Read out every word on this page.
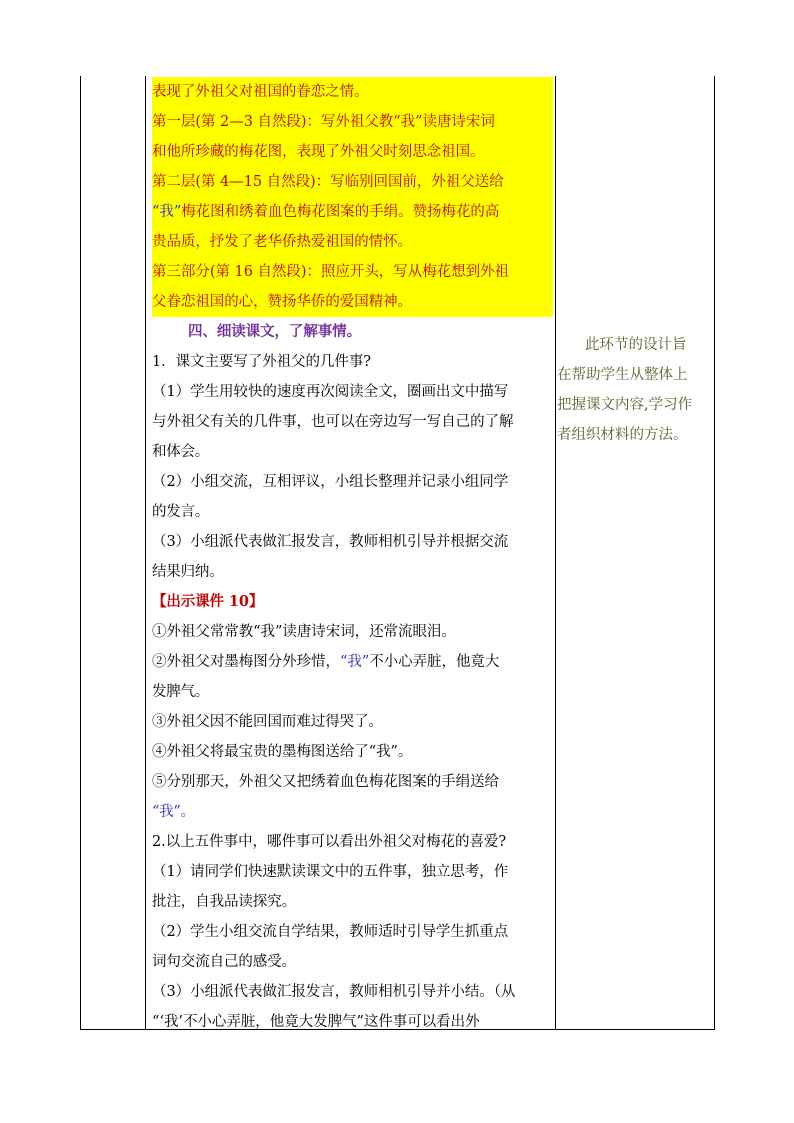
表现了外祖父对祖国的眷恋之情。

第一层(第 2—3 自然段)：写外祖父教“我”读唐诗宋词

和他所珍藏的梅花图，表现了外祖父时刻思念祖国。

第二层(第 4—15 自然段)：写临别回国前，外祖父送给

“我”梅花图和绣着血色梅花图案的手绢。赞扬梅花的高

贵品质，抒发了老华侨热爱祖国的情怀。

第三部分(第 16 自然段)：照应开头，写从梅花想到外祖

父眷恋祖国的心，赞扬华侨的爱国精神。

四、细读课文，了解事情。

1．课文主要写了外祖父的几件事?

（1）学生用较快的速度再次阅读全文，圈画出文中描写

与外祖父有关的几件事，也可以在旁边写一写自己的了解

和体会。

（2）小组交流，互相评议，小组长整理并记录小组同学

的发言。

（3）小组派代表做汇报发言，教师相机引导并根据交流

结果归纳。

【出示课件 10】

①外祖父常常教“我”读唐诗宋词，还常流眼泪。

②外祖父对墨梅图分外珍惜，“我”不小心弄脏，他竟大

发脾气。

③外祖父因不能回国而难过得哭了。

④外祖父将最宝贵的墨梅图送给了“我”。

⑤分别那天，外祖父又把绣着血色梅花图案的手绢送给

“我”。

2.以上五件事中，哪件事可以看出外祖父对梅花的喜爱?

（1）请同学们快速默读课文中的五件事，独立思考，作

批注，自我品读探究。

（2）学生小组交流自学结果，教师适时引导学生抓重点

词句交流自己的感受。

（3）小组派代表做汇报发言，教师相机引导并小结。（从

“‘我’不小心弄脏，他竟大发脾气”这件事可以看出外

此环节的设计旨

在帮助学生从整体上

把握课文内容,学习作

者组织材料的方法。
